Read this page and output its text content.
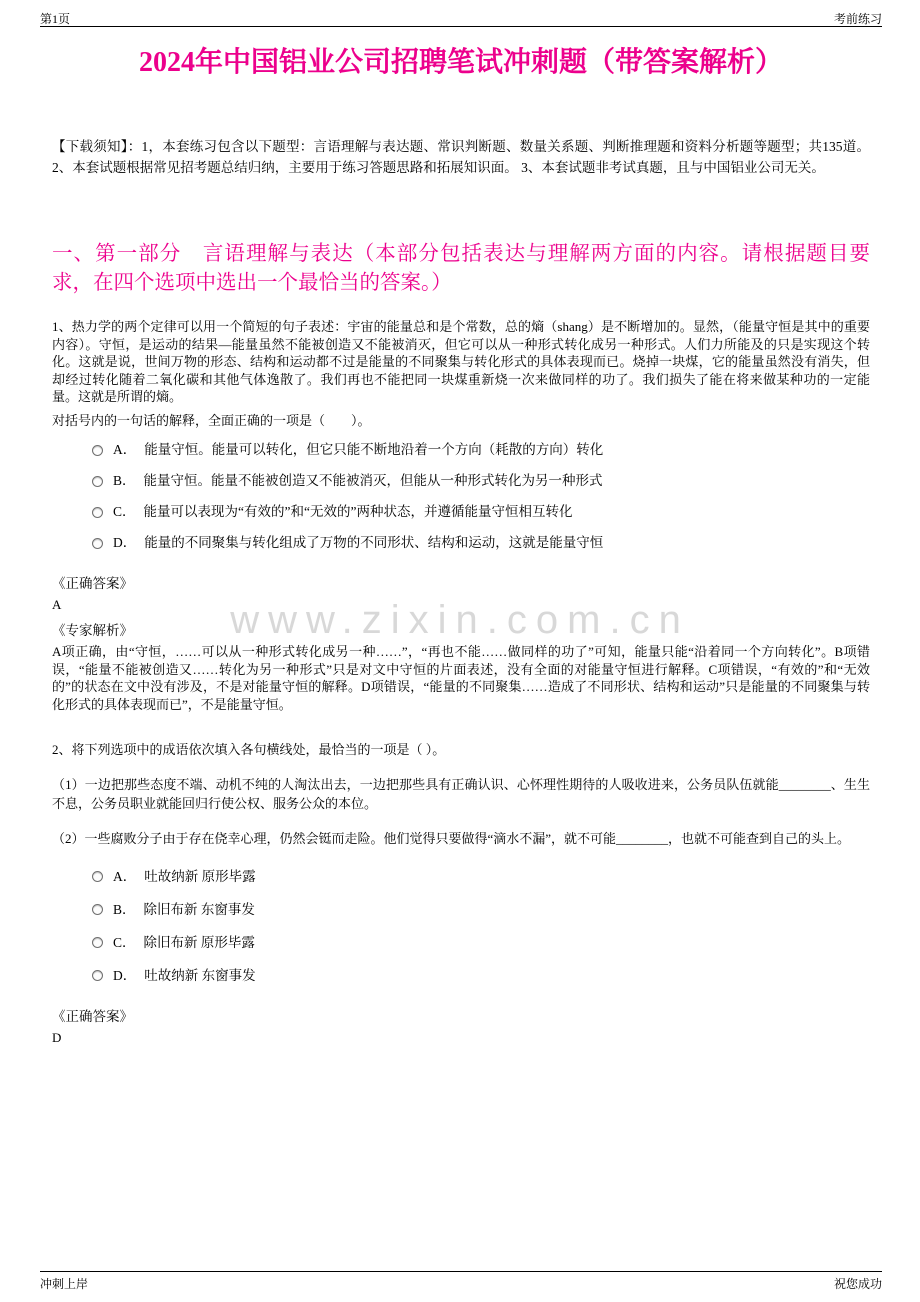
第1页	考前练习
2024年中国铝业公司招聘笔试冲刺题（带答案解析）

【下载须知】：1，本套练习包含以下题型：言语理解与表达题、常识判断题、数量关系题、判断推理题和资料分析题等题型；共135道。 2、本套试题根据常见招考题总结归纳，主要用于练习答题思路和拓展知识面。 3、本套试题非考试真题，且与中国铝业公司无关。

一、第一部分　言语理解与表达（本部分包括表达与理解两方面的内容。请根据题目要求，在四个选项中选出一个最恰当的答案。）

1、热力学的两个定律可以用一个简短的句子表述：宇宙的能量总和是个常数，总的熵（shang）是不断增加的。显然，（能量守恒是其中的重要内容）。守恒，是运动的结果—能量虽然不能被创造又不能被消灭，但它可以从一种形式转化成另一种形式。人们力所能及的只是实现这个转化。这就是说，世间万物的形态、结构和运动都不过是能量的不同聚集与转化形式的具体表现而已。烧掉一块煤，它的能量虽然没有消失，但却经过转化随着二氧化碳和其他气体逸散了。我们再也不能把同一块煤重新烧一次来做同样的功了。我们损失了能在将来做某种功的一定能量。这就是所谓的熵。

对括号内的一句话的解释，全面正确的一项是（　　）。

A． 能量守恒。能量可以转化，但它只能不断地沿着一个方向（耗散的方向）转化
B． 能量守恒。能量不能被创造又不能被消灭，但能从一种形式转化为另一种形式
C． 能量可以表现为“有效的”和“无效的”两种状态，并遵循能量守恒相互转化
D． 能量的不同聚集与转化组成了万物的不同形状、结构和运动，这就是能量守恒

《正确答案》

A

《专家解析》

A项正确，由“守恒，……可以从一种形式转化成另一种……”，“再也不能……做同样的功了”可知，能量只能“沿着同一个方向转化”。B项错误，“能量不能被创造又……转化为另一种形式”只是对文中守恒的片面表述，没有全面的对能量守恒进行解释。C项错误，“有效的”和“无效的”的状态在文中没有涉及，不是对能量守恒的解释。D项错误，“能量的不同聚集……造成了不同形状、结构和运动”只是能量的不同聚集与转化形式的具体表现而已”，不是能量守恒。

2、将下列选项中的成语依次填入各句横线处，最恰当的一项是（ ）。

（1）一边把那些态度不端、动机不纯的人淘汰出去，一边把那些具有正确认识、心怀理性期待的人吸收进来，公务员队伍就能________、生生不息，公务员职业就能回归行使公权、服务公众的本位。

（2）一些腐败分子由于存在侥幸心理，仍然会铤而走险。他们觉得只要做得“滴水不漏”，就不可能________，也就不可能查到自己的头上。

A． 吐故纳新 原形毕露
B． 除旧布新 东窗事发
C． 除旧布新 原形毕露
D． 吐故纳新 东窗事发

《正确答案》

D

www.zixin.com.cn
冲刺上岸	祝您成功
